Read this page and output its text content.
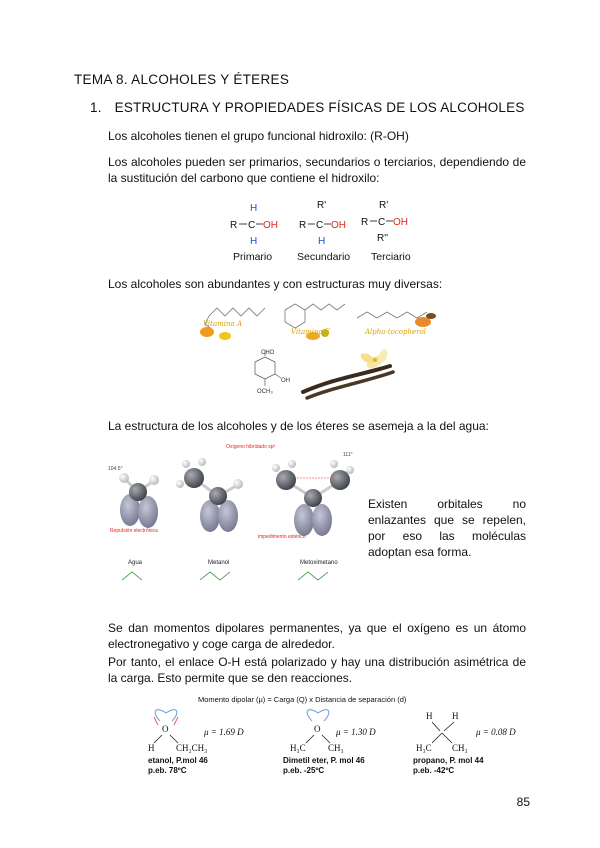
TEMA 8. ALCOHOLES Y ÉTERES
1. ESTRUCTURA Y PROPIEDADES FÍSICAS DE LOS ALCOHOLES
Los alcoholes tienen el grupo funcional hidroxilo: (R-OH)
Los alcoholes pueden ser primarios, secundarios o terciarios, dependiendo de la sustitución del carbono que contiene el hidroxilo:
H
R C OH
H
Primario
R'
R C OH
H
Secundario
R'
R C OH
R''
Terciario
Los alcoholes son abundantes y con estructuras muy diversas:
Vitamina A
Vitamina E	Alpha-tocopherol
CHO
OH
OCH₃
La estructura de los alcoholes y de los éteres se asemeja a la del agua:
104.5°
Repulsión electrónica
Agua
Oxígeno hibridado sp³
Metanol
111°
impedimento estérico
Metoximetano
Existen orbitales no enlazantes que se repelen, por eso las moléculas adoptan esa forma.
Se dan momentos dipolares permanentes, ya que el oxígeno es un átomo electronegativo y coge carga de alrededor.
Por tanto, el enlace O-H está polarizado y hay una distribución asimétrica de la carga. Esto permite que se den reacciones.
Momento dipolar (μ) = Carga (Q) x Distancia de separación (d)
O
H CH₂CH₃
μ = 1.69 D	O
H₃C CH₃
μ = 1.30 D
H H
H₃C CH₃
μ = 0.08 D
etanol, P.mol 46
p.eb. 78ºC
Dimetil eter, P. mol 46
p.eb. -25ºC
propano, P. mol 44
p.eb. -42ºC
85
